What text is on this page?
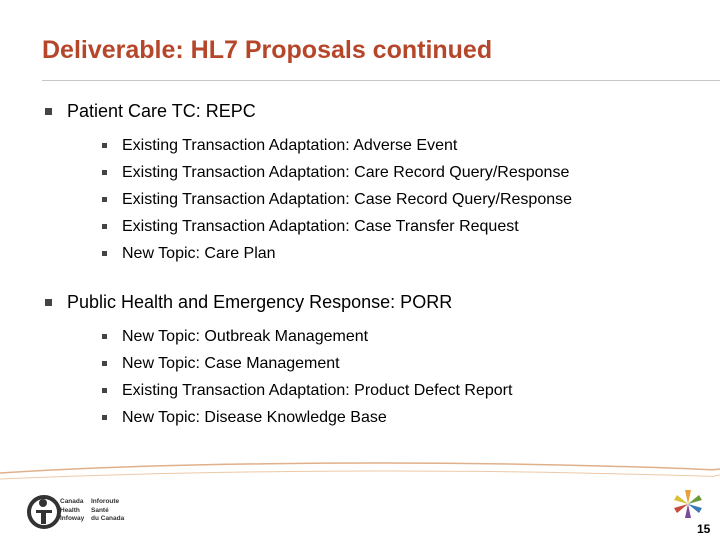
Deliverable: HL7 Proposals continued
Patient Care TC: REPC
Existing Transaction Adaptation: Adverse Event
Existing Transaction Adaptation: Care Record Query/Response
Existing Transaction Adaptation: Case Record Query/Response
Existing Transaction Adaptation: Case Transfer Request
New Topic: Care Plan
Public Health and Emergency Response: PORR
New Topic: Outbreak Management
New Topic: Case Management
Existing Transaction Adaptation: Product Defect Report
New Topic: Disease Knowledge Base
Canada
Health
Infoway
Inforoute
Santé
du Canada
15
